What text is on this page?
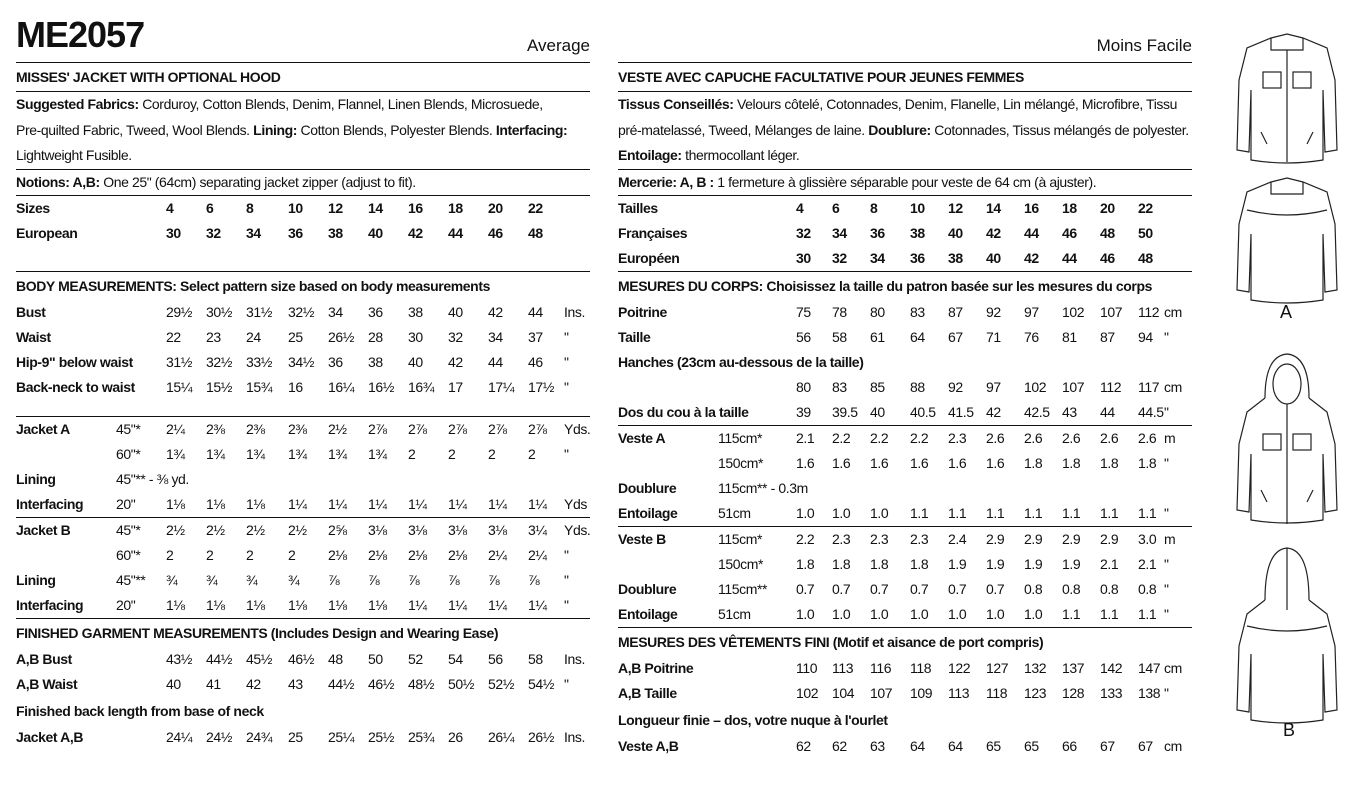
ME2057	Average
MISSES' JACKET WITH OPTIONAL HOOD
Suggested Fabrics: Corduroy, Cotton Blends, Denim, Flannel, Linen Blends, Microsuede,
Pre-quilted Fabric, Tweed, Wool Blends. Lining: Cotton Blends, Polyester Blends. Interfacing:
Lightweight Fusible.
Notions: A,B: One 25" (64cm) separating jacket zipper (adjust to fit).
Sizes	4 6 8 10 12 14 16 18 20 22
European	30 32 34 36 38 40 42 44 46 48
BODY MEASUREMENTS: Select pattern size based on body measurements
Bust	29½ 30½ 31½ 32½ 34 36 38 40 42 44 Ins.
Waist	22 23 24 25 26½ 28 30 32 34 37 "
Hip-9" below waist 31½ 32½ 33½ 34½ 36 38 40 42 44 46 "
Back-neck to waist 15¼ 15½ 15¾ 16 16¼ 16½ 16¾ 17 17¼ 17½ "
Jacket A	45"* 2¼ 2⅜ 2⅜ 2⅜ 2½ 2⅞ 2⅞ 2⅞ 2⅞ 2⅞ Yds.
60"* 1¾ 1¾ 1¾ 1¾ 1¾ 1¾ 2 2 2 2 "
Lining	45"** - ⅜ yd.
Interfacing 20" 1⅛ 1⅛ 1⅛ 1¼ 1¼ 1¼ 1¼ 1¼ 1¼ 1¼ Yds
Jacket B	45"* 2½ 2½ 2½ 2½ 2⅝ 3⅛ 3⅛ 3⅛ 3⅛ 3¼ Yds.
60"* 2 2 2 2 2⅛ 2⅛ 2⅛ 2⅛ 2¼ 2¼ "
Lining	45"** ¾ ¾ ¾ ¾ ⅞ ⅞ ⅞ ⅞ ⅞ ⅞ "
Interfacing 20" 1⅛ 1⅛ 1⅛ 1⅛ 1⅛ 1⅛ 1¼ 1¼ 1¼ 1¼ "
FINISHED GARMENT MEASUREMENTS (Includes Design and Wearing Ease)
A,B Bust	43½ 44½ 45½ 46½ 48 50 52 54 56 58 Ins.
A,B Waist	40 41 42 43 44½ 46½ 48½ 50½ 52½ 54½ "
Finished back length from base of neck
Jacket A,B	24¼ 24½ 24¾ 25 25¼ 25½ 25¾ 26 26¼ 26½ Ins.
Moins Facile
VESTE AVEC CAPUCHE FACULTATIVE POUR JEUNES FEMMES
Tissus Conseillés: Velours côtelé, Cotonnades, Denim, Flanelle, Lin mélangé, Microfibre, Tissu
pré-matelassé, Tweed, Mélanges de laine. Doublure: Cotonnades, Tissus mélangés de polyester.
Entoilage: thermocollant léger.
Mercerie: A, B : 1 fermeture à glissière séparable pour veste de 64 cm (à ajuster).
Tailles	4 6 8 10 12 14 16 18 20 22
Françaises	32 34 36 38 40 42 44 46 48 50
Européen	30 32 34 36 38 40 42 44 46 48
MESURES DU CORPS: Choisissez la taille du patron basée sur les mesures du corps
Poitrine	75 78 80 83 87 92 97 102 107 112 cm
Taille	56 58 61 64 67 71 76 81 87 94 "
Hanches (23cm au-dessous de la taille)
80 83 85 88 92 97 102 107 112 117 cm
Dos du cou à la taille	39 39.5 40 40.5 41.5 42 42.5 43 44 44.5 "
Veste A	115cm* 2.1 2.2 2.2 2.2 2.3 2.6 2.6 2.6 2.6 2.6 m
150cm* 1.6 1.6 1.6 1.6 1.6 1.6 1.8 1.8 1.8 1.8 "
Doublure	115cm** - 0.3m
Entoilage	51cm	1.0 1.0 1.0 1.1 1.1 1.1 1.1 1.1 1.1 1.1 "
Veste B	115cm* 2.2 2.3 2.3 2.3 2.4 2.9 2.9 2.9 2.9 3.0 m
150cm* 1.8 1.8 1.8 1.8 1.9 1.9 1.9 1.9 2.1 2.1 "
Doublure	115cm** 0.7 0.7 0.7 0.7 0.7 0.7 0.8 0.8 0.8 0.8 "
Entoilage	51cm	1.0 1.0 1.0 1.0 1.0 1.0 1.0 1.1 1.1 1.1 "
MESURES DES VÊTEMENTS FINI (Motif et aisance de port compris)
A,B Poitrine	110 113 116 118 122 127 132 137 142 147 cm
A,B Taille	102 104 107 109 113 118 123 128 133 138 "
Longueur finie – dos, votre nuque à l'ourlet
Veste A,B	62 62 63 64 64 65 65 66 67 67 cm
A
B
